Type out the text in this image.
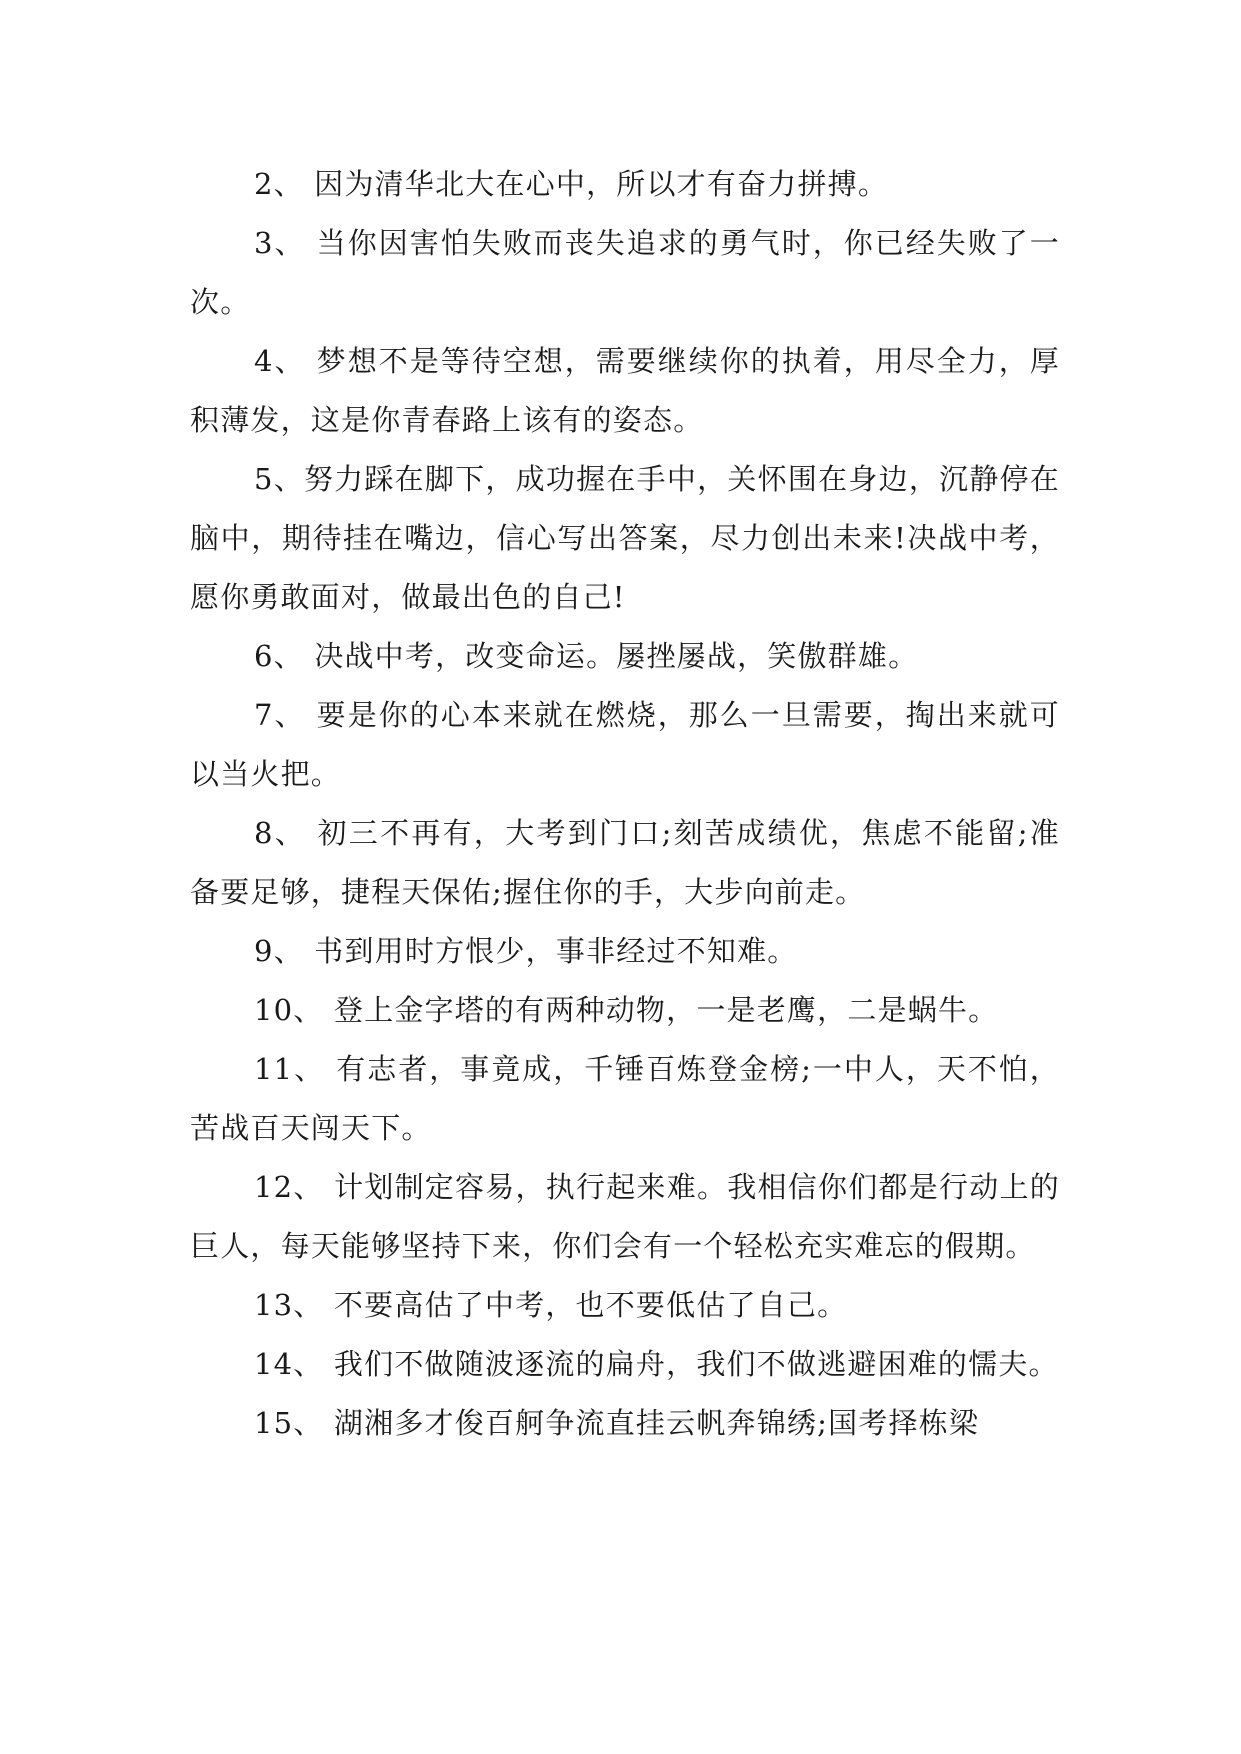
2、 因为清华北大在心中，所以才有奋力拼搏。

3、 当你因害怕失败而丧失追求的勇气时，你已经失败了一次。

4、 梦想不是等待空想，需要继续你的执着，用尽全力，厚积薄发，这是你青春路上该有的姿态。

5、努力踩在脚下，成功握在手中，关怀围在身边，沉静停在脑中，期待挂在嘴边，信心写出答案，尽力创出未来!决战中考，愿你勇敢面对，做最出色的自己!

6、 决战中考，改变命运。屡挫屡战，笑傲群雄。

7、 要是你的心本来就在燃烧，那么一旦需要，掏出来就可以当火把。

8、 初三不再有，大考到门口;刻苦成绩优，焦虑不能留;准备要足够，捷程天保佑;握住你的手，大步向前走。

9、 书到用时方恨少，事非经过不知难。

10、 登上金字塔的有两种动物，一是老鹰，二是蜗牛。

11、 有志者，事竟成，千锤百炼登金榜;一中人，天不怕，苦战百天闯天下。

12、 计划制定容易，执行起来难。我相信你们都是行动上的巨人，每天能够坚持下来，你们会有一个轻松充实难忘的假期。

13、 不要高估了中考，也不要低估了自己。

14、 我们不做随波逐流的扁舟，我们不做逃避困难的懦夫。

15、 湖湘多才俊百舸争流直挂云帆奔锦绣;国考择栋梁
